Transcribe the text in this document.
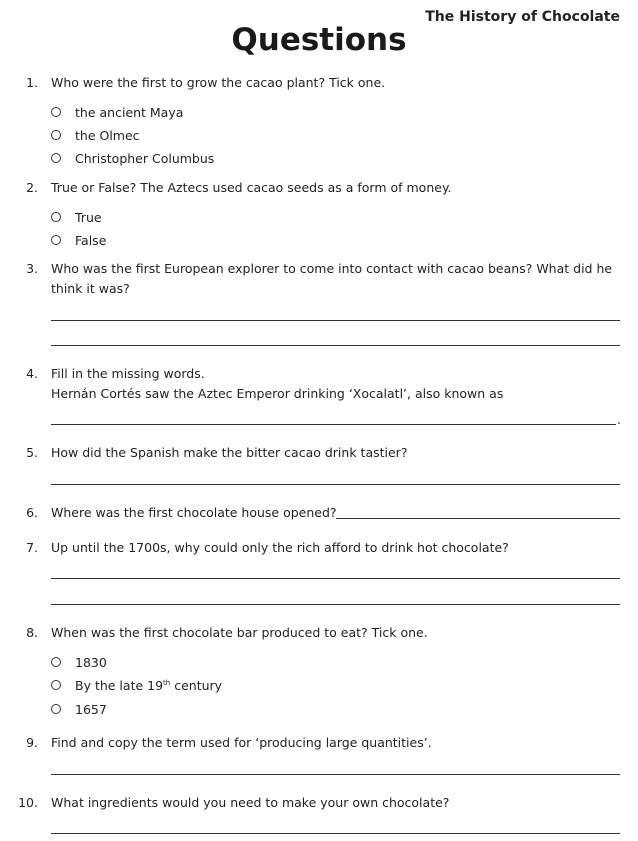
The History of Chocolate
Questions
1. Who were the first to grow the cacao plant? Tick one.
the ancient Maya
the Olmec
Christopher Columbus
2. True or False? The Aztecs used cacao seeds as a form of money.
True
False
3. Who was the first European explorer to come into contact with cacao beans? What did he
think it was?
4. Fill in the missing words.
Hernán Cortés saw the Aztec Emperor drinking ‘Xocalatl’, also known as
.
5. How did the Spanish make the bitter cacao drink tastier?
6. Where was the first chocolate house opened?
7. Up until the 1700s, why could only the rich afford to drink hot chocolate?
8. When was the first chocolate bar produced to eat? Tick one.
1830
By the late 19th century
1657
9. Find and copy the term used for ‘producing large quantities’.
10. What ingredients would you need to make your own chocolate?
